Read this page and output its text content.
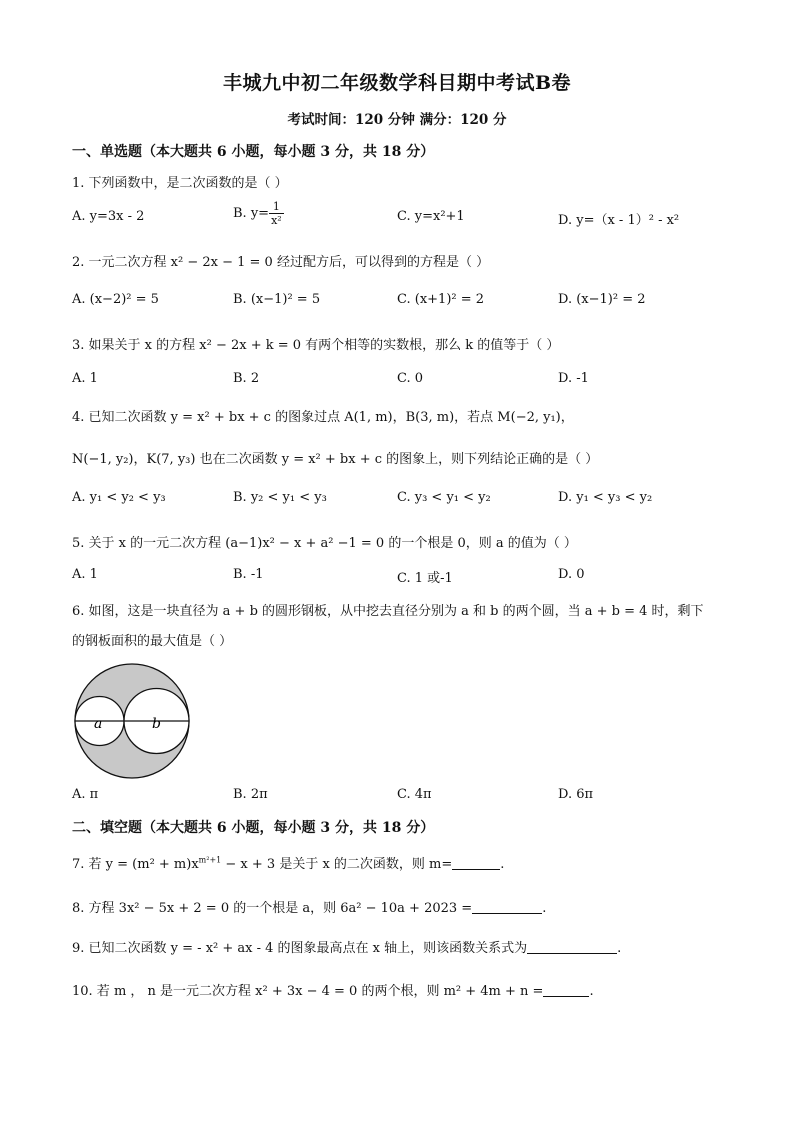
丰城九中初二年级数学科目期中考试B卷
考试时间：120 分钟 满分：120 分
一、单选题（本大题共 6 小题，每小题 3 分，共 18 分）
1. 下列函数中，是二次函数的是（ ）
A. y=3x - 2	B. $y= \frac{1}{\text{x²}}$	C. y=x²+1	D. y=（x - 1）² - x²
2. 一元二次方程 x² − 2x − 1 = 0 经过配方后，可以得到的方程是（ ）
A. (x−2)² = 5	B. (x−1)² = 5	C. (x+1)² = 2	D. (x−1)² = 2
3. 如果关于 x 的方程 x² − 2x + k = 0 有两个相等的实数根，那么 k 的值等于（ ）
A. 1	B. 2	C. 0	D. -1
4. 已知二次函数 y = x² + bx + c 的图象过点 A(1, m)，B(3, m)，若点 M(−2, y₁)，
N(−1, y₂)，K(7, y₃) 也在二次函数 y = x² + bx + c 的图象上，则下列结论正确的是（ ）
A. y₁ < y₂ < y₃	B. y₂ < y₁ < y₃	C. y₃ < y₁ < y₂	D. y₁ < y₃ < y₂
5. 关于 x 的一元二次方程 (a−1)x² − x + a² −1 = 0 的一个根是 0，则 a 的值为（ ）
A. 1	B. -1	C. 1 或-1	D. 0
6. 如图，这是一块直径为 a + b 的圆形钢板，从中挖去直径分别为 a 和 b 的两个圆，当 a + b = 4 时，剩下
的钢板面积的最大值是（ ）
a	b
A. π	B. 2π	C. 4π	D. 6π
二、填空题（本大题共 6 小题，每小题 3 分，共 18 分）
7. 若 $y = (m^2 + m)x^{m^2+1} - x + 3$ 是关于 x 的二次函数，则 m=	.
8. 方程 3x² − 5x + 2 = 0 的一个根是 a，则 6a² − 10a + 2023 =	.
9. 已知二次函数 y = - x² + ax - 4 的图象最高点在 x 轴上，则该函数关系式为	.
10. 若 m ， n 是一元二次方程 x² + 3x − 4 = 0 的两个根，则 m² + 4m + n =	.
